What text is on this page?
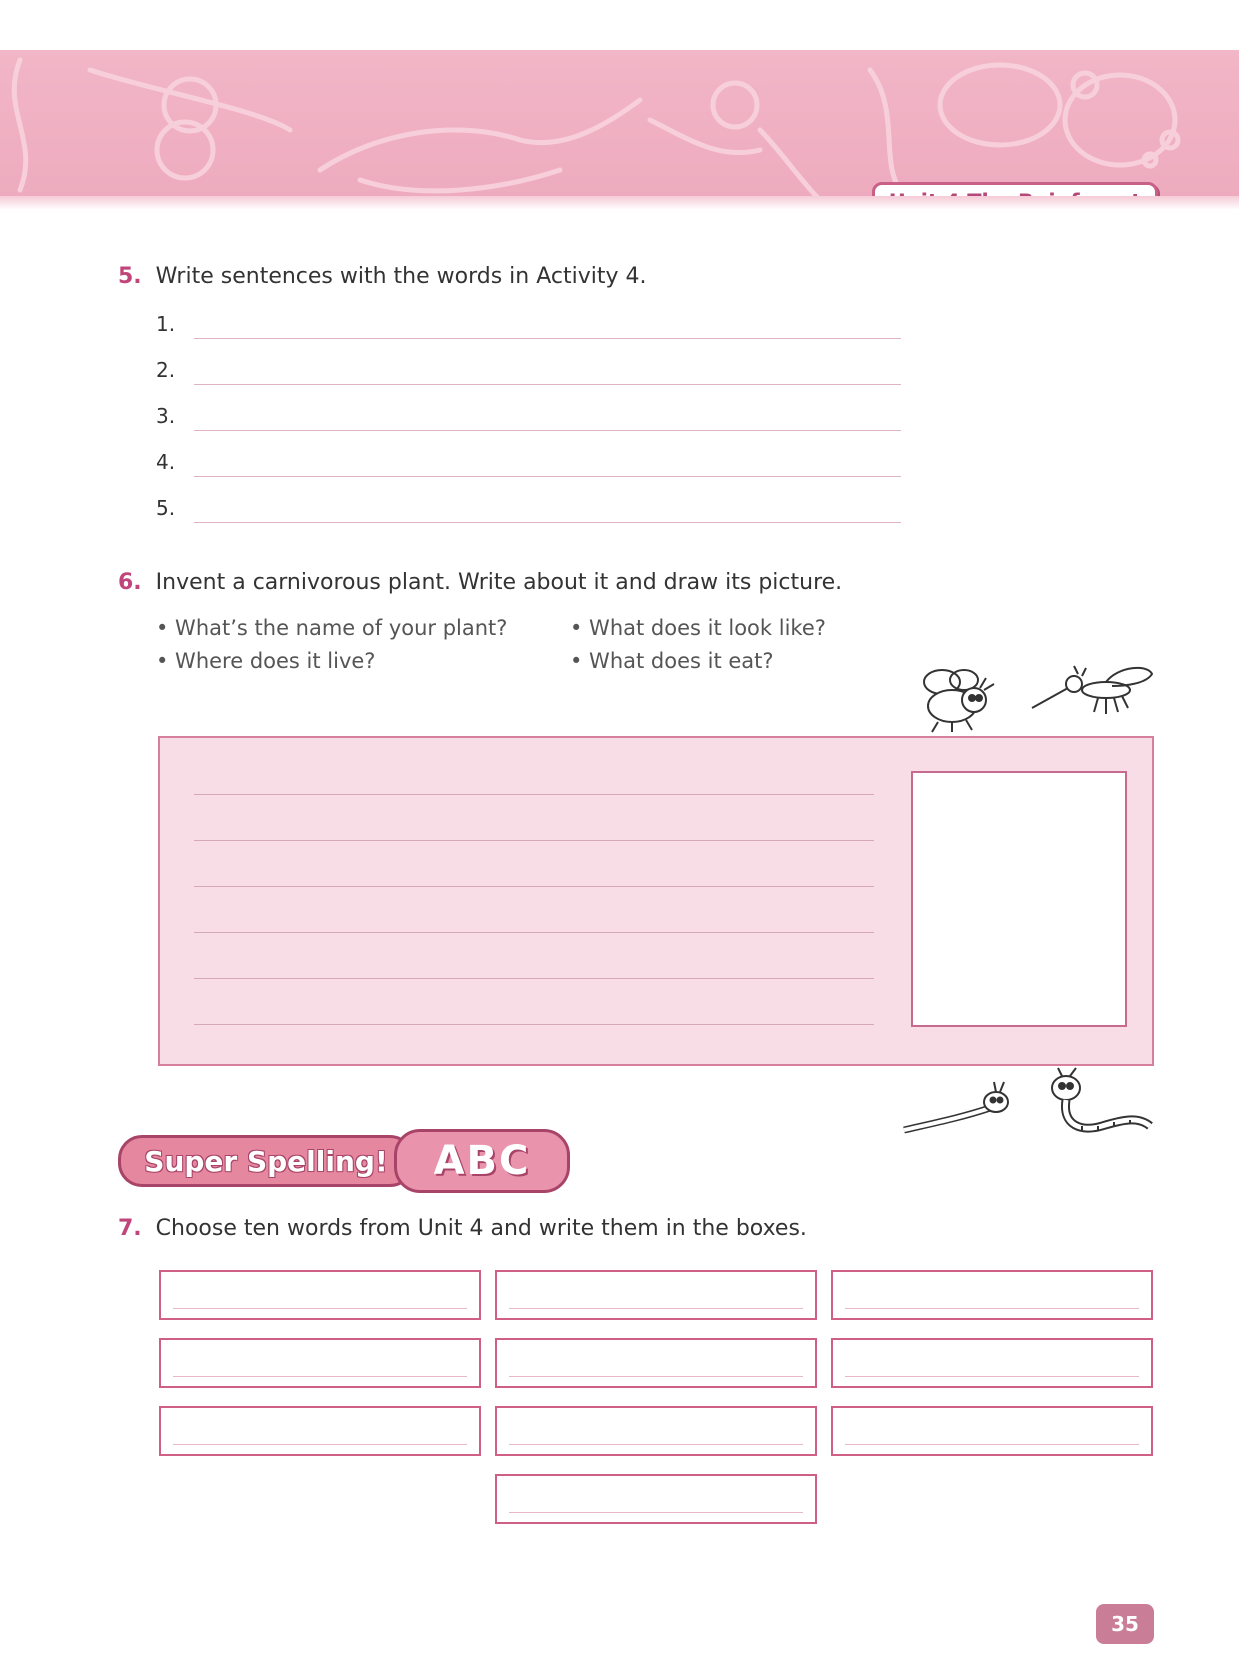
5. Write sentences with the words in Activity 4.
1.
2.
3.
4.
5.
6. Invent a carnivorous plant. Write about it and draw its picture.
• What’s the name of your plant?	• What does it look like?
• Where does it live?	• What does it eat?
Super Spelling!	ABC
7. Choose ten words from Unit 4 and write them in the boxes.
35
